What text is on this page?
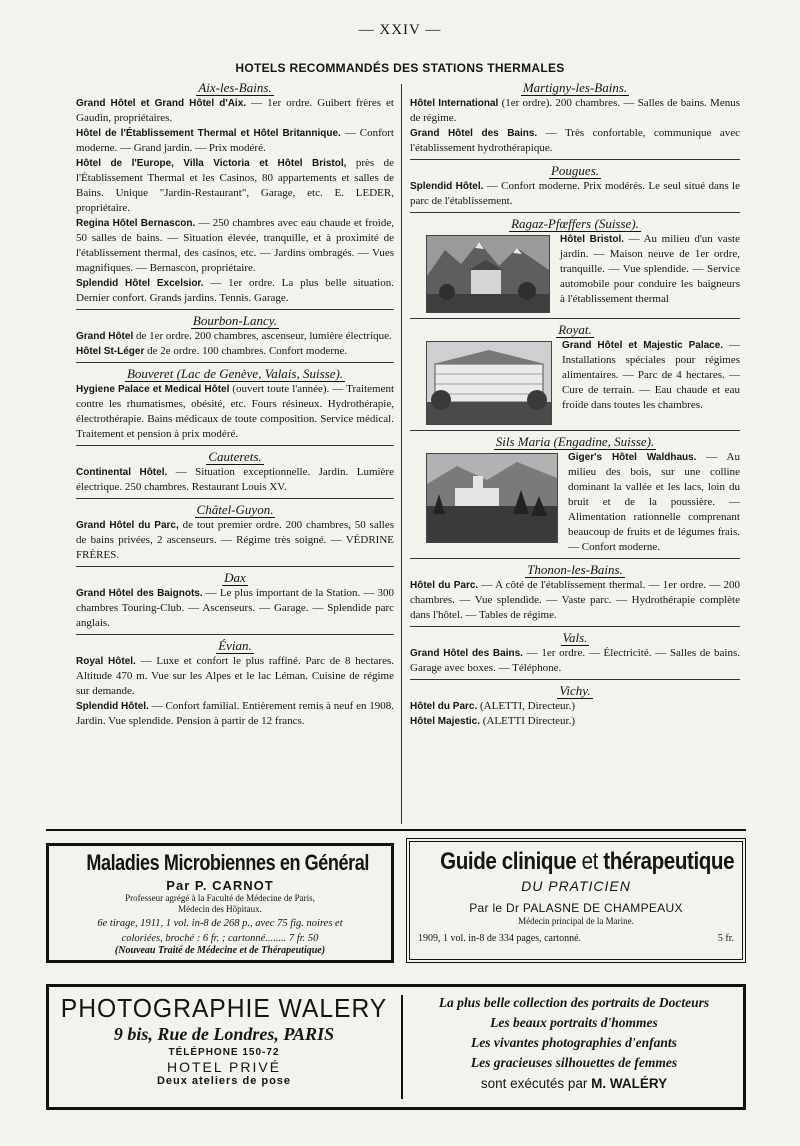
— XXIV —
HOTELS RECOMMANDÉS DES STATIONS THERMALES
Aix-les-Bains.
Grand Hôtel et Grand Hôtel d'Aix. — 1er ordre. Guibert frères et Gaudin, propriétaires.
Hôtel de l'Établissement Thermal et Hôtel Britannique. — Confort moderne. — Grand jardin. — Prix modéré.
Hôtel de l'Europe, Villa Victoria et Hôtel Bristol, près de l'Établissement Thermal et les Casinos, 80 appartements et salles de Bains. Unique "Jardin-Restaurant", Garage, etc. E. LEDER, propriétaire.
Regina Hôtel Bernascon. — 250 chambres avec eau chaude et froide, 50 salles de bains. — Situation élevée, tranquille, et à proximité de l'établissement thermal, des casinos, etc. — Jardins ombragés. — Vues magnifiques. — Bernascon, propriétaire.
Splendid Hôtel Excelsior. — 1er ordre. La plus belle situation. Dernier confort. Grands jardins. Tennis. Garage.
Bourbon-Lancy.
Grand Hôtel de 1er ordre. 200 chambres, ascenseur, lumière électrique.
Hôtel St-Léger de 2e ordre. 100 chambres. Confort moderne.
Bouveret (Lac de Genève, Valais, Suisse).
Hygiene Palace et Medical Hôtel (ouvert toute l'année). — Traitement contre les rhumatismes, obésité, etc. Fours résineux. Hydrothérapie, électrothérapie. Bains médicaux de toute composition. Service médical. Traitement et pension à prix modéré.
Cauterets.
Continental Hôtel. — Situation exceptionnelle. Jardin. Lumière électrique. 250 chambres. Restaurant Louis XV.
Châtel-Guyon.
Grand Hôtel du Parc, de tout premier ordre. 200 chambres, 50 salles de bains privées, 2 ascenseurs. — Régime très soigné. — VÉDRINE FRÈRES.
Dax
Grand Hôtel des Baignots. — Le plus important de la Station. — 300 chambres Touring-Club. — Ascenseurs. — Garage. — Splendide parc anglais.
Évian.
Royal Hôtel. — Luxe et confort le plus raffiné. Parc de 8 hectares. Altitude 470 m. Vue sur les Alpes et le lac Léman. Cuisine de régime sur demande.
Splendid Hôtel. — Confort familial. Entièrement remis à neuf en 1908. Jardin. Vue splendide. Pension à partir de 12 francs.
Martigny-les-Bains.
Hôtel International (1er ordre). 200 chambres. — Salles de bains. Menus de régime.
Grand Hôtel des Bains. — Très confortable, communique avec l'établissement hydrothérapique.
Pougues.
Splendid Hôtel. — Confort moderne. Prix modérés. Le seul situé dans le parc de l'établissement.
Ragaz-Pfœffers (Suisse).
Hôtel Bristol. — Au milieu d'un vaste jardin. — Maison neuve de 1er ordre, tranquille. — Vue splendide. — Service automobile pour conduire les baigneurs à l'établissement thermal
Royat.
Grand Hôtel et Majestic Palace. — Installations spéciales pour régimes alimentaires. — Parc de 4 hectares. — Cure de terrain. — Eau chaude et eau froide dans toutes les chambres.
Sils Maria (Engadine, Suisse).
Giger's Hôtel Waldhaus. — Au milieu des bois, sur une colline dominant la vallée et les lacs, loin du bruit et de la poussière. — Alimentation rationnelle comprenant beaucoup de fruits et de légumes frais. — Confort moderne.
Thonon-les-Bains.
Hôtel du Parc. — A côté de l'établissement thermal. — 1er ordre. — 200 chambres. — Vue splendide. — Vaste parc. — Hydrothérapie complète dans l'hôtel. — Tables de régime.
Vals.
Grand Hôtel des Bains. — 1er ordre. — Électricité. — Salles de bains. Garage avec boxes. — Téléphone.
Vichy.
Hôtel du Parc. (ALETTI, Directeur.)
Hôtel Majestic. (ALETTI Directeur.)
Maladies Microbiennes en Général
Par P. CARNOT
Professeur agrégé à la Faculté de Médecine de Paris,
Médecin des Hôpitaux.
6e tirage, 1911, 1 vol. in-8 de 268 p., avec 75 fig. noires et
coloriées, broché : 6 fr. ; cartonné........ 7 fr. 50
(Nouveau Traité de Médecine et de Thérapeutique)
Guide clinique et thérapeutique
DU PRATICIEN
Par le Dr PALASNE DE CHAMPEAUX
Médecin principal de la Marine.
1909, 1 vol. in-8 de 334 pages, cartonné.	5 fr.
PHOTOGRAPHIE WALERY
9 bis, Rue de Londres, PARIS
TÉLÉPHONE 150-72
HOTEL PRIVÉ
Deux ateliers de pose
La plus belle collection des portraits de Docteurs
Les beaux portraits d'hommes
Les vivantes photographies d'enfants
Les gracieuses silhouettes de femmes
sont exécutés par M. WALÉRY
